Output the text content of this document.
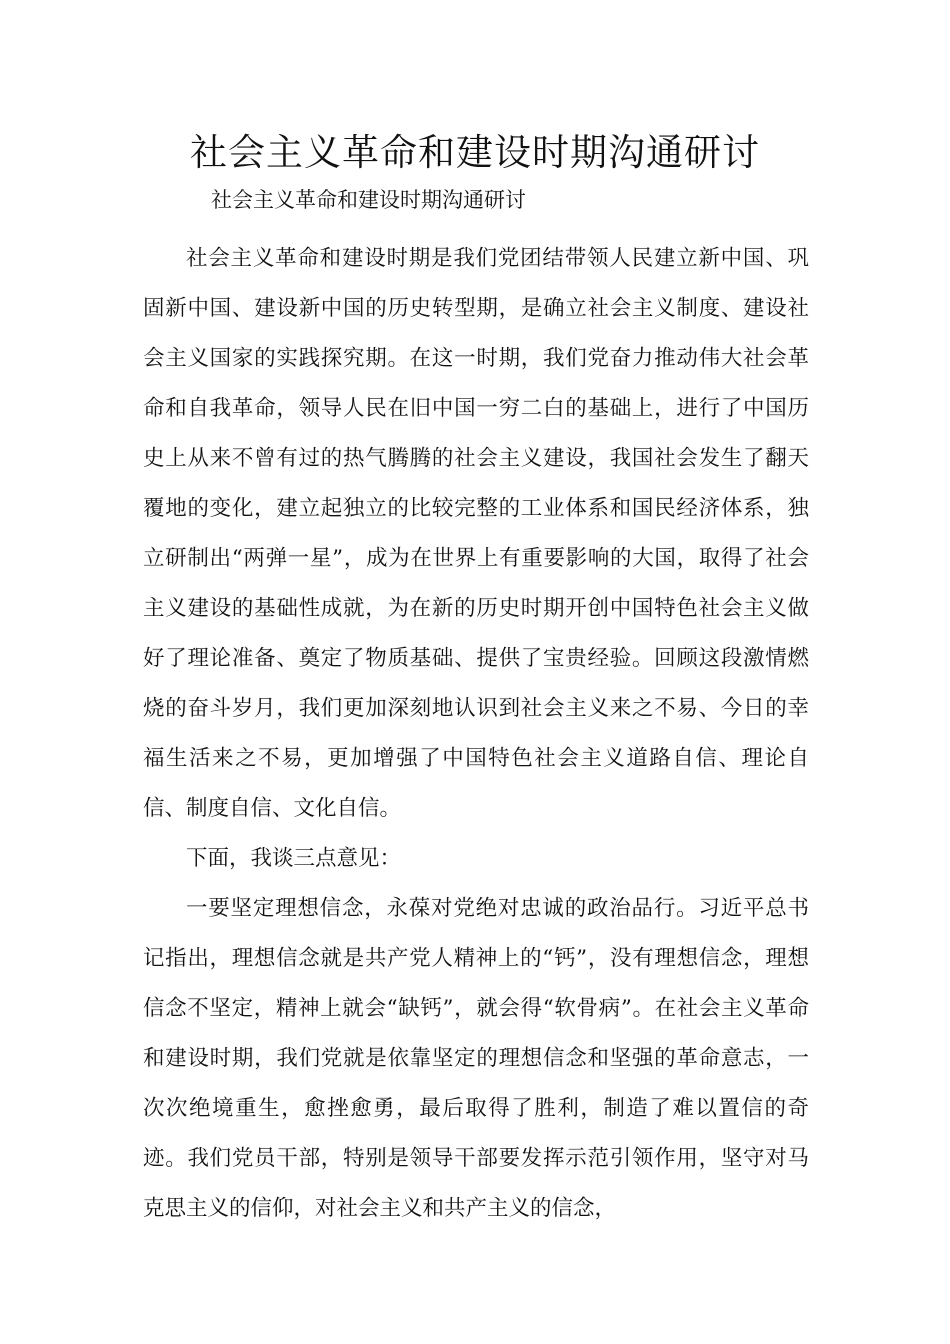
社会主义革命和建设时期沟通研讨

社会主义革命和建设时期沟通研讨

社会主义革命和建设时期是我们党团结带领人民建立新中国、巩固新中国、建设新中国的历史转型期，是确立社会主义制度、建设社会主义国家的实践探究期。在这一时期，我们党奋力推动伟大社会革命和自我革命，领导人民在旧中国一穷二白的基础上，进行了中国历史上从来不曾有过的热气腾腾的社会主义建设，我国社会发生了翻天覆地的变化，建立起独立的比较完整的工业体系和国民经济体系，独立研制出“两弹一星”，成为在世界上有重要影响的大国，取得了社会主义建设的基础性成就，为在新的历史时期开创中国特色社会主义做好了理论准备、奠定了物质基础、提供了宝贵经验。回顾这段激情燃烧的奋斗岁月，我们更加深刻地认识到社会主义来之不易、今日的幸福生活来之不易，更加增强了中国特色社会主义道路自信、理论自信、制度自信、文化自信。

下面，我谈三点意见：

一要坚定理想信念，永葆对党绝对忠诚的政治品行。习近平总书记指出，理想信念就是共产党人精神上的“钙”，没有理想信念，理想信念不坚定，精神上就会“缺钙”，就会得“软骨病”。在社会主义革命和建设时期，我们党就是依靠坚定的理想信念和坚强的革命意志，一次次绝境重生，愈挫愈勇，最后取得了胜利，制造了难以置信的奇迹。我们党员干部，特别是领导干部要发挥示范引领作用，坚守对马克思主义的信仰，对社会主义和共产主义的信念，
